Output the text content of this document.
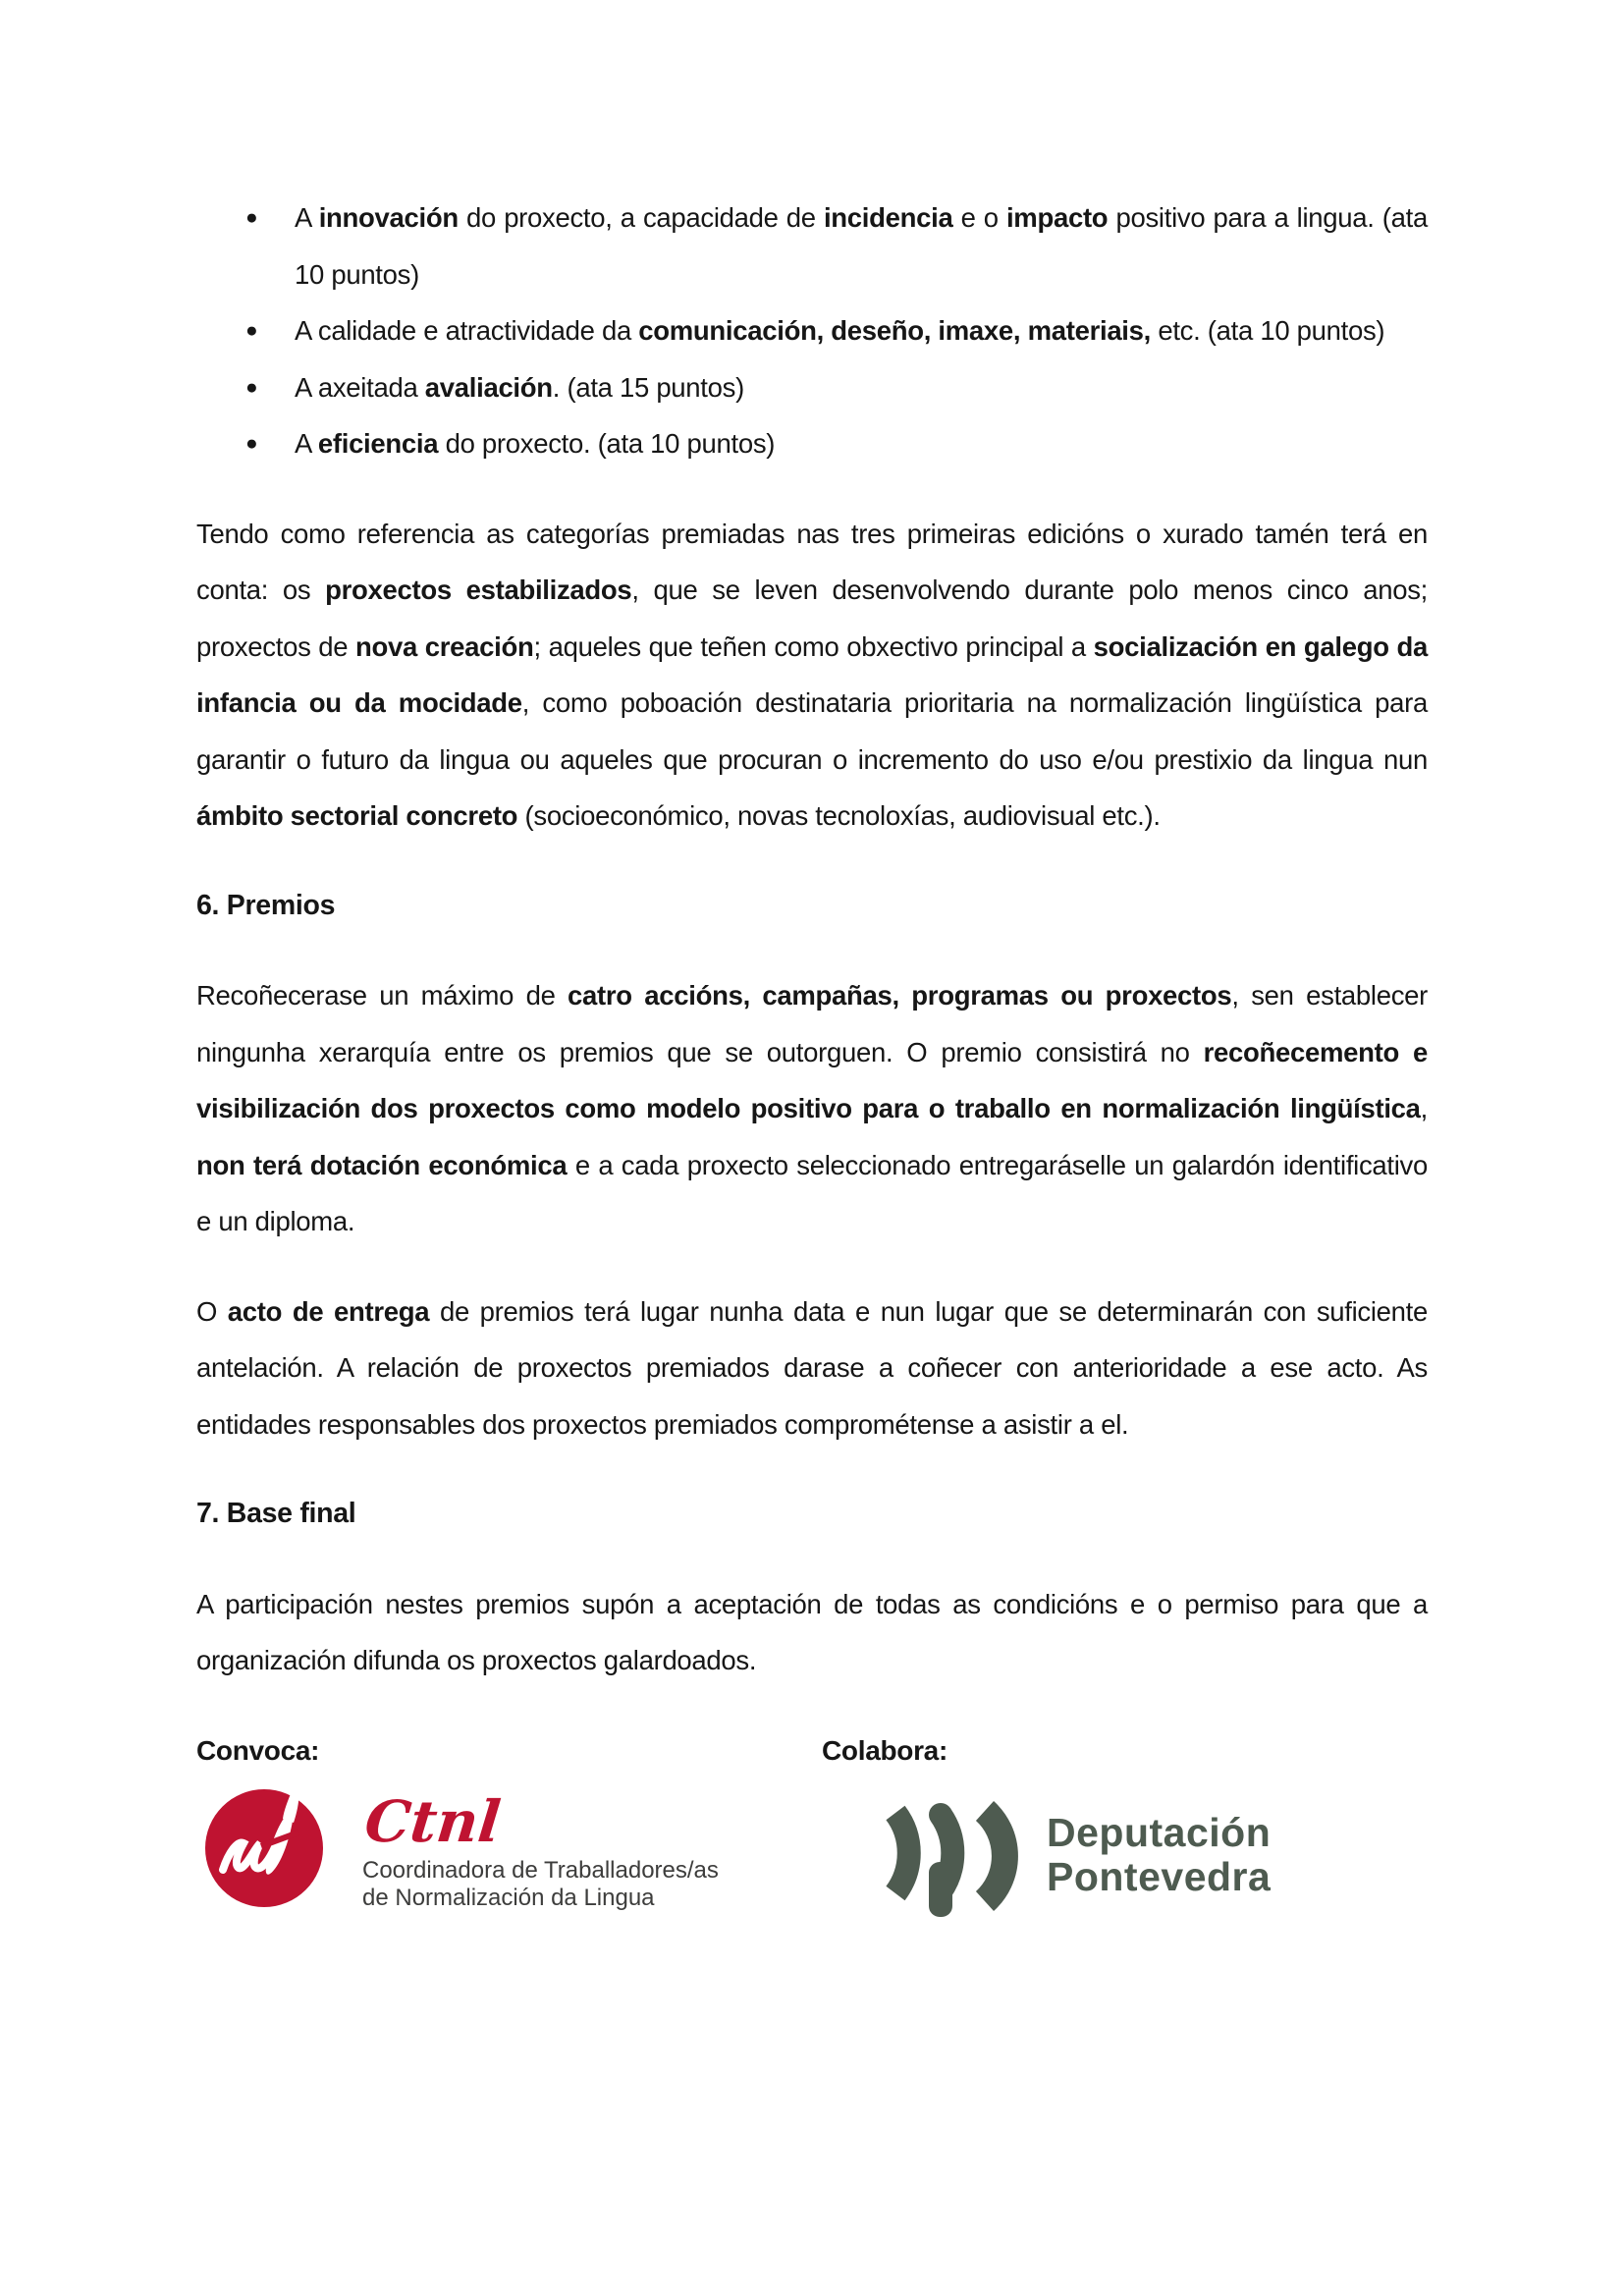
● A innovación do proxecto, a capacidade de incidencia e o impacto positivo para a lingua. (ata 10 puntos)
● A calidade e atractividade da comunicación, deseño, imaxe, materiais, etc. (ata 10 puntos)
● A axeitada avaliación. (ata 15 puntos)
● A eficiencia do proxecto. (ata 10 puntos)

Tendo como referencia as categorías premiadas nas tres primeiras edicións o xurado tamén terá en conta: os proxectos estabilizados, que se leven desenvolvendo durante polo menos cinco anos; proxectos de nova creación; aqueles que teñen como obxectivo principal a socialización en galego da infancia ou da mocidade, como poboación destinataria prioritaria na normalización lingüística para garantir o futuro da lingua ou aqueles que procuran o incremento do uso e/ou prestixio da lingua nun ámbito sectorial concreto (socioeconómico, novas tecnoloxías, audiovisual etc.).

6. Premios

Recoñecerase un máximo de catro accións, campañas, programas ou proxectos, sen establecer ningunha xerarquía entre os premios que se outorguen. O premio consistirá no recoñecemento e visibilización dos proxectos como modelo positivo para o traballo en normalización lingüística, non terá dotación económica e a cada proxecto seleccionado entregaráselle un galardón identificativo e un diploma.

O acto de entrega de premios terá lugar nunha data e nun lugar que se determinarán con suficiente antelación. A relación de proxectos premiados darase a coñecer con anterioridade a ese acto. As entidades responsables dos proxectos premiados comprométense a asistir a el.

7. Base final

A participación nestes premios supón a aceptación de todas as condicións e o permiso para que a organización difunda os proxectos galardoados.

Convoca:	Colabora:
Ctnl
Coordinadora de Traballadores/as
de Normalización da Lingua
Deputación
Pontevedra
